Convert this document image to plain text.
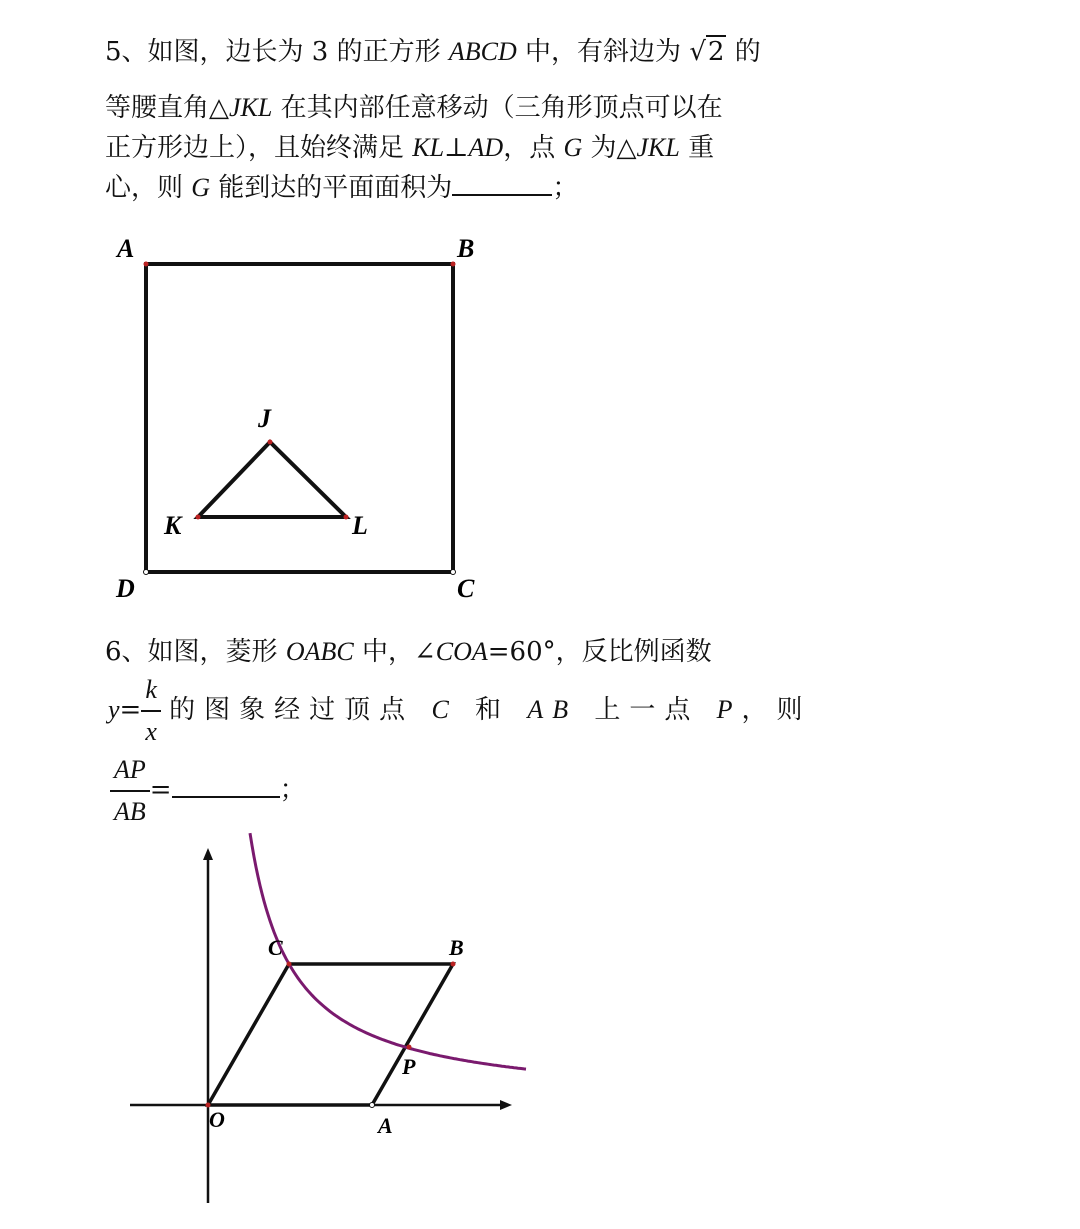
5、如图，边长为 3 的正方形 ABCD 中，有斜边为 √2 的
等腰直角△JKL 在其内部任意移动（三角形顶点可以在
正方形边上），且始终满足 KL⊥AD，点 G 为△JKL 重
心，则 G 能到达的平面面积为	；
6、如图，菱形 OABC 中，∠COA=60°，反比例函数
$y= \frac{k}{x}$ 的图象经过顶点 C 和 AB 上一点 P，则
$\frac{AP}{AB}$ =	；
A	B
C
D
J
K	L
O	A
B
C
P
